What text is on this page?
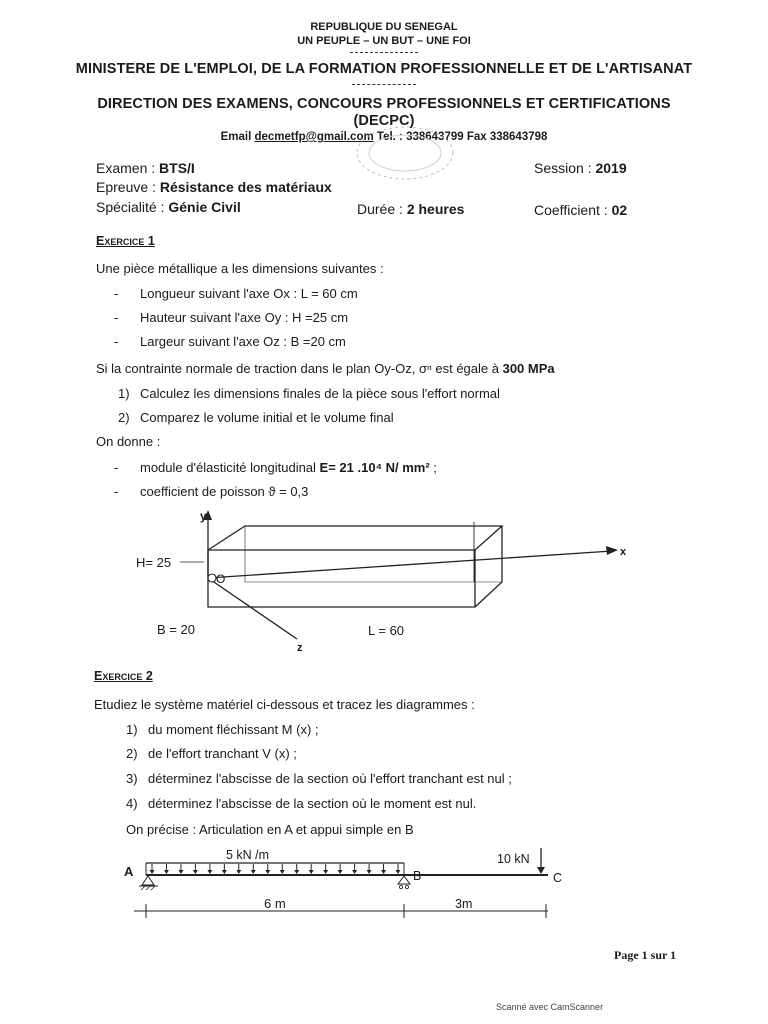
REPUBLIQUE DU SENEGAL
UN PEUPLE – UN BUT – UNE FOI
MINISTERE DE L'EMPLOI, DE LA FORMATION PROFESSIONNELLE ET DE L'ARTISANAT
DIRECTION DES EXAMENS, CONCOURS PROFESSIONNELS ET CERTIFICATIONS
(DECPC)
Email decmetfp@gmail.com Tel. : 338643799 Fax 338643798
Examen : BTS/I	Session : 2019
Epreuve : Résistance des matériaux
Spécialité : Génie Civil	Durée : 2 heures	Coefficient : 02
Exercice 1
Une pièce métallique a les dimensions suivantes :
- Longueur suivant l'axe Ox : L = 60 cm
- Hauteur suivant l'axe Oy : H =25 cm
- Largeur suivant l'axe Oz : B =20 cm
Si la contrainte normale de traction dans le plan Oy-Oz, σⁿ est égale à 300 MPa
1) Calculez les dimensions finales de la pièce sous l'effort normal
2) Comparez le volume initial et le volume final
On donne :
- module d'élasticité longitudinal E= 21 .10⁴ N/ mm² ;
- coefficient de poisson ϑ = 0,3
y
x
z
O
H= 25
B = 20	L = 60
Exercice 2
Etudiez le système matériel ci-dessous et tracez les diagrammes :
1) du moment fléchissant M (x) ;
2) de l'effort tranchant V (x) ;
3) déterminez l'abscisse de la section où l'effort tranchant est nul ;
4) déterminez l'abscisse de la section où le moment est nul.
On précise : Articulation en A et appui simple en B
5 kN /m	10 kN
A	B	C
6 m	3m
Page 1 sur 1
Scanné avec CamScanner
